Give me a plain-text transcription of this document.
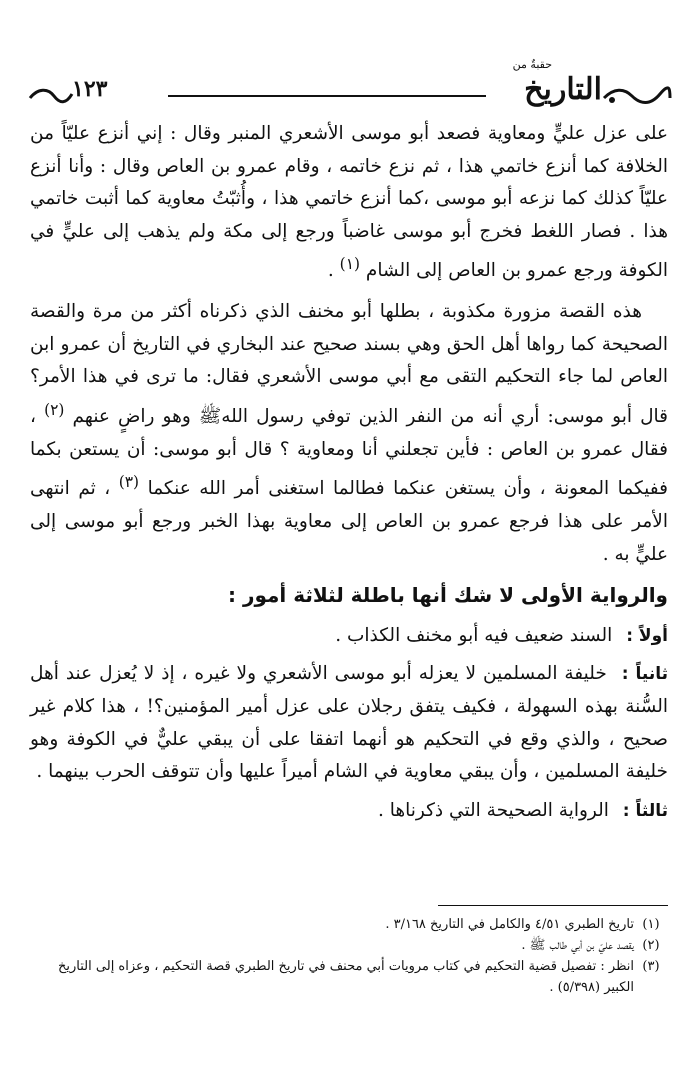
حقبةٌ من
التاريخ
١٢٣

على عزل عليٍّ ومعاوية فصعد أبو موسى الأشعري المنبر وقال : إني أنزع عليّاً من الخلافة كما أنزع خاتمي هذا ، ثم نزع خاتمه ، وقام عمرو بن العاص وقال : وأنا أنزع عليّاً كذلك كما نزعه أبو موسى ،كما أنزع خاتمي هذا ، وأُثبّتُ معاوية كما أثبت خاتمي هذا . فصار اللغط فخرج أبو موسى غاضباً ورجع إلى مكة ولم يذهب إلى عليٍّ في الكوفة ورجع عمرو بن العاص إلى الشام $^{(١)}$ .

هذه القصة مزورة مكذوبة ، بطلها أبو مخنف الذي ذكرناه أكثر من مرة والقصة الصحيحة كما رواها أهل الحق وهي بسند صحيح عند البخاري في التاريخ أن عمرو ابن العاص لما جاء التحكيم التقى مع أبي موسى الأشعري فقال: ما ترى في هذا الأمر؟ قال أبو موسى: أري أنه من النفر الذين توفي رسول اللهﷺ وهو راضٍ عنهم $^{(٢)}$ ، فقال عمرو بن العاص : فأين تجعلني أنا ومعاوية ؟ قال أبو موسى: أن يستعن بكما ففيكما المعونة ، وأن يستغن عنكما فطالما استغنى أمر الله عنكما $^{(٣)}$ ، ثم انتهى الأمر على هذا فرجع عمرو بن العاص إلى معاوية بهذا الخبر ورجع أبو موسى إلى عليٍّ به .

والرواية الأولى لا شك أنها باطلة لثلاثة أمور :

أولاً : السند ضعيف فيه أبو مخنف الكذاب .

ثانياً : خليفة المسلمين لا يعزله أبو موسى الأشعري ولا غيره ، إذ لا يُعزل عند أهل السُّنة بهذه السهولة ، فكيف يتفق رجلان على عزل أمير المؤمنين؟! ، هذا كلام غير صحيح ، والذي وقع في التحكيم هو أنهما اتفقا على أن يبقي عليٌّ في الكوفة وهو خليفة المسلمين ، وأن يبقي معاوية في الشام أميراً عليها وأن تتوقف الحرب بينهما .

ثالثاً : الرواية الصحيحة التي ذكرناها .

(١)
تاريخ الطبري ٤/٥١ والكامل في التاريخ ٣/١٦٨ .
(٢)
يقصد عليّ بن أبي طالب ﷺ .
(٣)
انظر : تفصيل قضية التحكيم في كتاب مرويات أبي محنف في تاريخ الطبري قصة التحكيم ، وعزاه إلى التاريخ الكبير (٥/٣٩٨) .
